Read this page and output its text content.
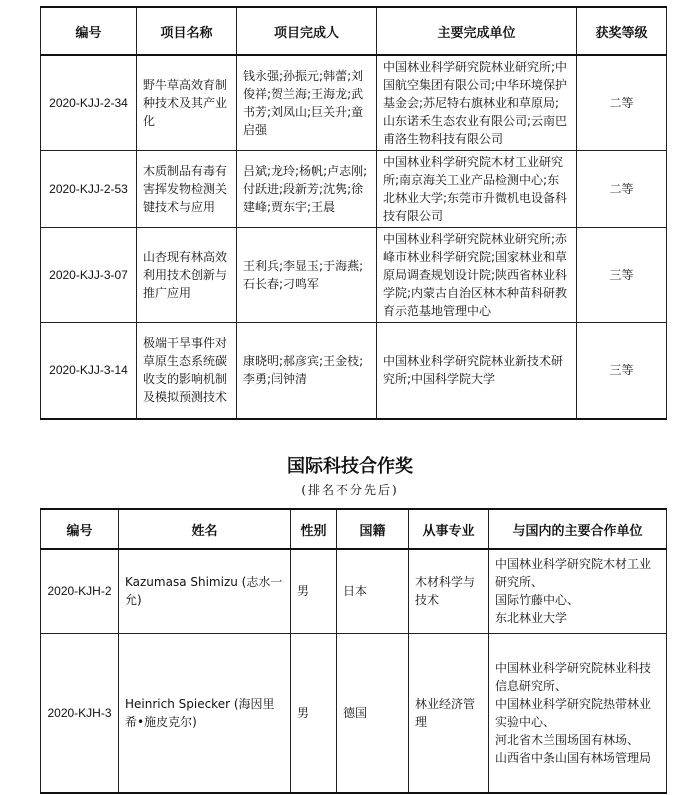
编号	项目名称	项目完成人	主要完成单位	获奖等级
2020-KJJ-2-34	野牛草高效育制种技术及其产业化	钱永强;孙振元;韩蕾;刘俊祥;贺兰海;王海龙;武书芳;刘凤山;巨关升;童启强	中国林业科学研究院林业研究所;中国航空集团有限公司;中华环境保护基金会;苏尼特右旗林业和草原局;山东诺禾生态农业有限公司;云南巴甫洛生物科技有限公司	二等
2020-KJJ-2-53	木质制品有毒有害挥发物检测关键技术与应用	吕斌;龙玲;杨帆;卢志刚;付跃进;段新芳;沈隽;徐建峰;贾东宇;王晨	中国林业科学研究院木材工业研究所;南京海关工业产品检测中心;东北林业大学;东莞市升微机电设备科技有限公司	二等
2020-KJJ-3-07	山杏现有林高效利用技术创新与推广应用	王利兵;李显玉;于海燕;石长春;刁鸣军	中国林业科学研究院林业研究所;赤峰市林业科学研究院;国家林业和草原局调查规划设计院;陕西省林业科学院;内蒙古自治区林木种苗科研教育示范基地管理中心	三等
2020-KJJ-3-14	极端干旱事件对草原生态系统碳收支的影响机制及模拟预测技术	康晓明;郝彦宾;王金枝;李勇;闫钟清	中国林业科学研究院林业新技术研究所;中国科学院大学	三等
国际科技合作奖
(排名不分先后)
编号	姓名	性别	国籍	从事专业	与国内的主要合作单位
2020-KJH-2	Kazumasa Shimizu (志水一允)	男	日本	木材科学与技术	中国林业科学研究院木材工业研究所、
国际竹藤中心、
东北林业大学

2020-KJH-3	Heinrich Spiecker (海因里希•施皮克尔)	男	德国	林业经济管理	中国林业科学研究院林业科技信息研究所、
中国林业科学研究院热带林业实验中心、
河北省木兰围场国有林场、
山西省中条山国有林场管理局
